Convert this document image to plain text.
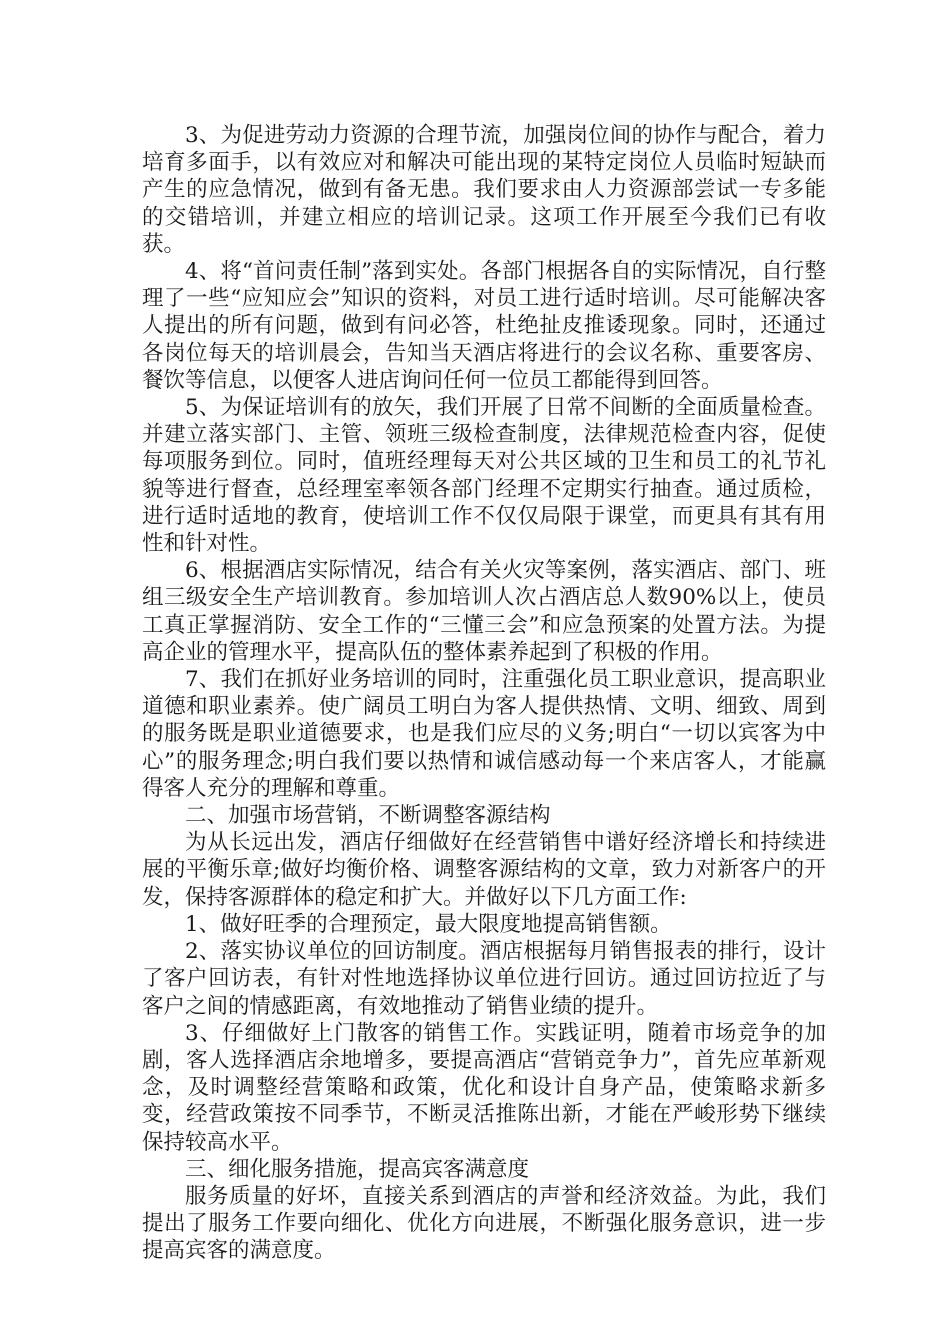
3、为促进劳动力资源的合理节流，加强岗位间的协作与配合，着力培育多面手，以有效应对和解决可能出现的某特定岗位人员临时短缺而产生的应急情况，做到有备无患。我们要求由人力资源部尝试一专多能的交错培训，并建立相应的培训记录。这项工作开展至今我们已有收获。

4、将“首问责任制”落到实处。各部门根据各自的实际情况，自行整理了一些“应知应会”知识的资料，对员工进行适时培训。尽可能解决客人提出的所有问题，做到有问必答，杜绝扯皮推诿现象。同时，还通过各岗位每天的培训晨会，告知当天酒店将进行的会议名称、重要客房、餐饮等信息，以便客人进店询问任何一位员工都能得到回答。

5、为保证培训有的放矢，我们开展了日常不间断的全面质量检查。并建立落实部门、主管、领班三级检查制度，法律规范检查内容，促使每项服务到位。同时，值班经理每天对公共区域的卫生和员工的礼节礼貌等进行督查，总经理室率领各部门经理不定期实行抽查。通过质检，进行适时适地的教育，使培训工作不仅仅局限于课堂，而更具有其有用性和针对性。

6、根据酒店实际情况，结合有关火灾等案例，落实酒店、部门、班组三级安全生产培训教育。参加培训人次占酒店总人数90%以上，使员工真正掌握消防、安全工作的“三懂三会”和应急预案的处置方法。为提高企业的管理水平，提高队伍的整体素养起到了积极的作用。

7、我们在抓好业务培训的同时，注重强化员工职业意识，提高职业道德和职业素养。使广阔员工明白为客人提供热情、文明、细致、周到的服务既是职业道德要求，也是我们应尽的义务;明白“一切以宾客为中心”的服务理念;明白我们要以热情和诚信感动每一个来店客人，才能赢得客人充分的理解和尊重。

二、加强市场营销，不断调整客源结构

为从长远出发，酒店仔细做好在经营销售中谱好经济增长和持续进展的平衡乐章;做好均衡价格、调整客源结构的文章，致力对新客户的开发，保持客源群体的稳定和扩大。并做好以下几方面工作:

1、做好旺季的合理预定，最大限度地提高销售额。

2、落实协议单位的回访制度。酒店根据每月销售报表的排行，设计了客户回访表，有针对性地选择协议单位进行回访。通过回访拉近了与客户之间的情感距离，有效地推动了销售业绩的提升。

3、仔细做好上门散客的销售工作。实践证明，随着市场竞争的加剧，客人选择酒店余地增多，要提高酒店“营销竞争力”，首先应革新观念，及时调整经营策略和政策，优化和设计自身产品，使策略求新多变，经营政策按不同季节，不断灵活推陈出新，才能在严峻形势下继续保持较高水平。

三、细化服务措施，提高宾客满意度

服务质量的好坏，直接关系到酒店的声誉和经济效益。为此，我们提出了服务工作要向细化、优化方向进展，不断强化服务意识，进一步提高宾客的满意度。
